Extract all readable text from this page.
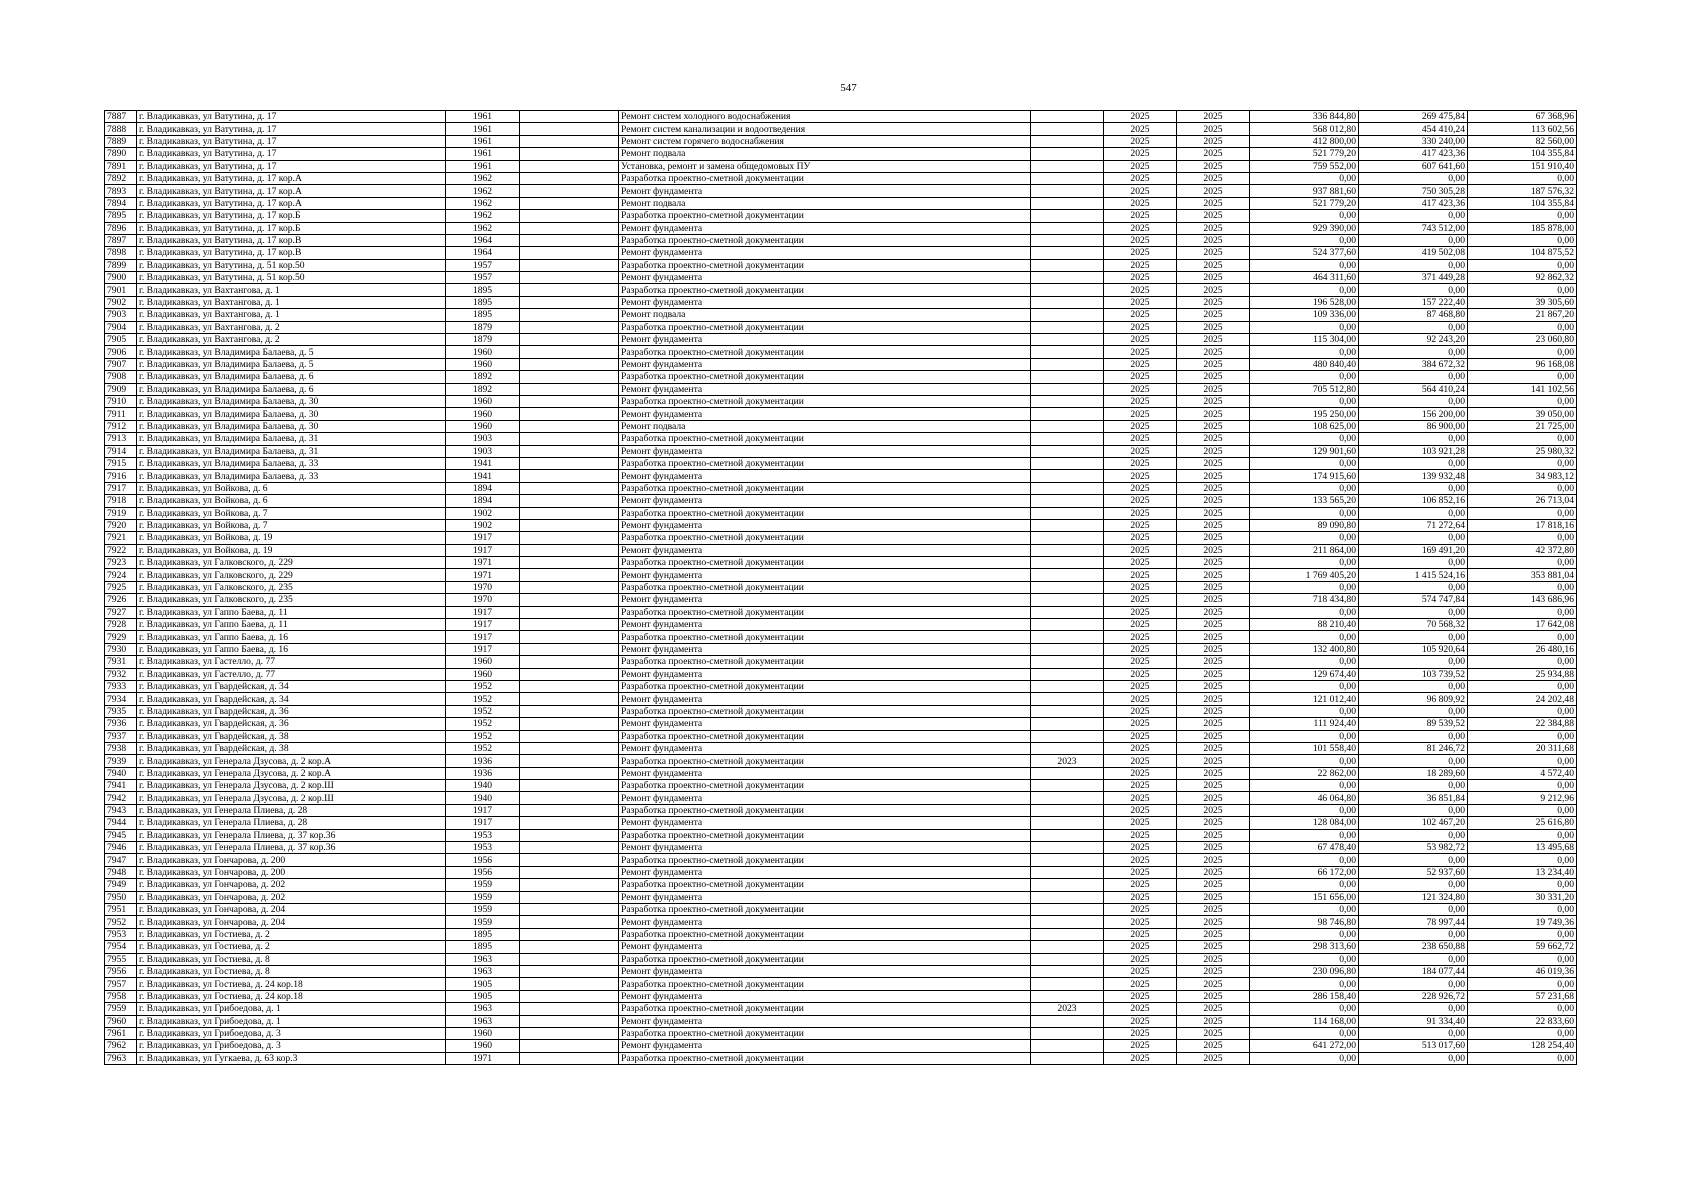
547
7887	г. Владикавказ, ул Ватутина, д. 17	1961		Ремонт систем холодного водоснабжения		2025	2025	336 844,80	269 475,84	67 368,96
7888	г. Владикавказ, ул Ватутина, д. 17	1961		Ремонт систем канализации и водоотведения		2025	2025	568 012,80	454 410,24	113 602,56
7889	г. Владикавказ, ул Ватутина, д. 17	1961		Ремонт систем горячего водоснабжения		2025	2025	412 800,00	330 240,00	82 560,00
7890	г. Владикавказ, ул Ватутина, д. 17	1961		Ремонт подвала		2025	2025	521 779,20	417 423,36	104 355,84
7891	г. Владикавказ, ул Ватутина, д. 17	1961		Установка, ремонт и замена общедомовых ПУ		2025	2025	759 552,00	607 641,60	151 910,40
7892	г. Владикавказ, ул Ватутина, д. 17 кор.А	1962		Разработка проектно-сметной документации		2025	2025	0,00	0,00	0,00
7893	г. Владикавказ, ул Ватутина, д. 17 кор.А	1962		Ремонт фундамента		2025	2025	937 881,60	750 305,28	187 576,32
7894	г. Владикавказ, ул Ватутина, д. 17 кор.А	1962		Ремонт подвала		2025	2025	521 779,20	417 423,36	104 355,84
7895	г. Владикавказ, ул Ватутина, д. 17 кор.Б	1962		Разработка проектно-сметной документации		2025	2025	0,00	0,00	0,00
7896	г. Владикавказ, ул Ватутина, д. 17 кор.Б	1962		Ремонт фундамента		2025	2025	929 390,00	743 512,00	185 878,00
7897	г. Владикавказ, ул Ватутина, д. 17 кор.В	1964		Разработка проектно-сметной документации		2025	2025	0,00	0,00	0,00
7898	г. Владикавказ, ул Ватутина, д. 17 кор.В	1964		Ремонт фундамента		2025	2025	524 377,60	419 502,08	104 875,52
7899	г. Владикавказ, ул Ватутина, д. 51 кор.50	1957		Разработка проектно-сметной документации		2025	2025	0,00	0,00	0,00
7900	г. Владикавказ, ул Ватутина, д. 51 кор.50	1957		Ремонт фундамента		2025	2025	464 311,60	371 449,28	92 862,32
7901	г. Владикавказ, ул Вахтангова, д. 1	1895		Разработка проектно-сметной документации		2025	2025	0,00	0,00	0,00
7902	г. Владикавказ, ул Вахтангова, д. 1	1895		Ремонт фундамента		2025	2025	196 528,00	157 222,40	39 305,60
7903	г. Владикавказ, ул Вахтангова, д. 1	1895		Ремонт подвала		2025	2025	109 336,00	87 468,80	21 867,20
7904	г. Владикавказ, ул Вахтангова, д. 2	1879		Разработка проектно-сметной документации		2025	2025	0,00	0,00	0,00
7905	г. Владикавказ, ул Вахтангова, д. 2	1879		Ремонт фундамента		2025	2025	115 304,00	92 243,20	23 060,80
7906	г. Владикавказ, ул Владимира Балаева, д. 5	1960		Разработка проектно-сметной документации		2025	2025	0,00	0,00	0,00
7907	г. Владикавказ, ул Владимира Балаева, д. 5	1960		Ремонт фундамента		2025	2025	480 840,40	384 672,32	96 168,08
7908	г. Владикавказ, ул Владимира Балаева, д. 6	1892		Разработка проектно-сметной документации		2025	2025	0,00	0,00	0,00
7909	г. Владикавказ, ул Владимира Балаева, д. 6	1892		Ремонт фундамента		2025	2025	705 512,80	564 410,24	141 102,56
7910	г. Владикавказ, ул Владимира Балаева, д. 30	1960		Разработка проектно-сметной документации		2025	2025	0,00	0,00	0,00
7911	г. Владикавказ, ул Владимира Балаева, д. 30	1960		Ремонт фундамента		2025	2025	195 250,00	156 200,00	39 050,00
7912	г. Владикавказ, ул Владимира Балаева, д. 30	1960		Ремонт подвала		2025	2025	108 625,00	86 900,00	21 725,00
7913	г. Владикавказ, ул Владимира Балаева, д. 31	1903		Разработка проектно-сметной документации		2025	2025	0,00	0,00	0,00
7914	г. Владикавказ, ул Владимира Балаева, д. 31	1903		Ремонт фундамента		2025	2025	129 901,60	103 921,28	25 980,32
7915	г. Владикавказ, ул Владимира Балаева, д. 33	1941		Разработка проектно-сметной документации		2025	2025	0,00	0,00	0,00
7916	г. Владикавказ, ул Владимира Балаева, д. 33	1941		Ремонт фундамента		2025	2025	174 915,60	139 932,48	34 983,12
7917	г. Владикавказ, ул Войкова, д. 6	1894		Разработка проектно-сметной документации		2025	2025	0,00	0,00	0,00
7918	г. Владикавказ, ул Войкова, д. 6	1894		Ремонт фундамента		2025	2025	133 565,20	106 852,16	26 713,04
7919	г. Владикавказ, ул Войкова, д. 7	1902		Разработка проектно-сметной документации		2025	2025	0,00	0,00	0,00
7920	г. Владикавказ, ул Войкова, д. 7	1902		Ремонт фундамента		2025	2025	89 090,80	71 272,64	17 818,16
7921	г. Владикавказ, ул Войкова, д. 19	1917		Разработка проектно-сметной документации		2025	2025	0,00	0,00	0,00
7922	г. Владикавказ, ул Войкова, д. 19	1917		Ремонт фундамента		2025	2025	211 864,00	169 491,20	42 372,80
7923	г. Владикавказ, ул Галковского, д. 229	1971		Разработка проектно-сметной документации		2025	2025	0,00	0,00	0,00
7924	г. Владикавказ, ул Галковского, д. 229	1971		Ремонт фундамента		2025	2025	1 769 405,20	1 415 524,16	353 881,04
7925	г. Владикавказ, ул Галковского, д. 235	1970		Разработка проектно-сметной документации		2025	2025	0,00	0,00	0,00
7926	г. Владикавказ, ул Галковского, д. 235	1970		Ремонт фундамента		2025	2025	718 434,80	574 747,84	143 686,96
7927	г. Владикавказ, ул Гаппо Баева, д. 11	1917		Разработка проектно-сметной документации		2025	2025	0,00	0,00	0,00
7928	г. Владикавказ, ул Гаппо Баева, д. 11	1917		Ремонт фундамента		2025	2025	88 210,40	70 568,32	17 642,08
7929	г. Владикавказ, ул Гаппо Баева, д. 16	1917		Разработка проектно-сметной документации		2025	2025	0,00	0,00	0,00
7930	г. Владикавказ, ул Гаппо Баева, д. 16	1917		Ремонт фундамента		2025	2025	132 400,80	105 920,64	26 480,16
7931	г. Владикавказ, ул Гастелло, д. 77	1960		Разработка проектно-сметной документации		2025	2025	0,00	0,00	0,00
7932	г. Владикавказ, ул Гастелло, д. 77	1960		Ремонт фундамента		2025	2025	129 674,40	103 739,52	25 934,88
7933	г. Владикавказ, ул Гвардейская, д. 34	1952		Разработка проектно-сметной документации		2025	2025	0,00	0,00	0,00
7934	г. Владикавказ, ул Гвардейская, д. 34	1952		Ремонт фундамента		2025	2025	121 012,40	96 809,92	24 202,48
7935	г. Владикавказ, ул Гвардейская, д. 36	1952		Разработка проектно-сметной документации		2025	2025	0,00	0,00	0,00
7936	г. Владикавказ, ул Гвардейская, д. 36	1952		Ремонт фундамента		2025	2025	111 924,40	89 539,52	22 384,88
7937	г. Владикавказ, ул Гвардейская, д. 38	1952		Разработка проектно-сметной документации		2025	2025	0,00	0,00	0,00
7938	г. Владикавказ, ул Гвардейская, д. 38	1952		Ремонт фундамента		2025	2025	101 558,40	81 246,72	20 311,68
7939	г. Владикавказ, ул Генерала Дзусова, д. 2 кор.А	1936		Разработка проектно-сметной документации	2023	2025	2025	0,00	0,00	0,00
7940	г. Владикавказ, ул Генерала Дзусова, д. 2 кор.А	1936		Ремонт фундамента		2025	2025	22 862,00	18 289,60	4 572,40
7941	г. Владикавказ, ул Генерала Дзусова, д. 2 кор.Ш	1940		Разработка проектно-сметной документации		2025	2025	0,00	0,00	0,00
7942	г. Владикавказ, ул Генерала Дзусова, д. 2 кор.Ш	1940		Ремонт фундамента		2025	2025	46 064,80	36 851,84	9 212,96
7943	г. Владикавказ, ул Генерала Плиева, д. 28	1917		Разработка проектно-сметной документации		2025	2025	0,00	0,00	0,00
7944	г. Владикавказ, ул Генерала Плиева, д. 28	1917		Ремонт фундамента		2025	2025	128 084,00	102 467,20	25 616,80
7945	г. Владикавказ, ул Генерала Плиева, д. 37 кор.36	1953		Разработка проектно-сметной документации		2025	2025	0,00	0,00	0,00
7946	г. Владикавказ, ул Генерала Плиева, д. 37 кор.36	1953		Ремонт фундамента		2025	2025	67 478,40	53 982,72	13 495,68
7947	г. Владикавказ, ул Гончарова, д. 200	1956		Разработка проектно-сметной документации		2025	2025	0,00	0,00	0,00
7948	г. Владикавказ, ул Гончарова, д. 200	1956		Ремонт фундамента		2025	2025	66 172,00	52 937,60	13 234,40
7949	г. Владикавказ, ул Гончарова, д. 202	1959		Разработка проектно-сметной документации		2025	2025	0,00	0,00	0,00
7950	г. Владикавказ, ул Гончарова, д. 202	1959		Ремонт фундамента		2025	2025	151 656,00	121 324,80	30 331,20
7951	г. Владикавказ, ул Гончарова, д. 204	1959		Разработка проектно-сметной документации		2025	2025	0,00	0,00	0,00
7952	г. Владикавказ, ул Гончарова, д. 204	1959		Ремонт фундамента		2025	2025	98 746,80	78 997,44	19 749,36
7953	г. Владикавказ, ул Гостиева, д. 2	1895		Разработка проектно-сметной документации		2025	2025	0,00	0,00	0,00
7954	г. Владикавказ, ул Гостиева, д. 2	1895		Ремонт фундамента		2025	2025	298 313,60	238 650,88	59 662,72
7955	г. Владикавказ, ул Гостиева, д. 8	1963		Разработка проектно-сметной документации		2025	2025	0,00	0,00	0,00
7956	г. Владикавказ, ул Гостиева, д. 8	1963		Ремонт фундамента		2025	2025	230 096,80	184 077,44	46 019,36
7957	г. Владикавказ, ул Гостиева, д. 24 кор.18	1905		Разработка проектно-сметной документации		2025	2025	0,00	0,00	0,00
7958	г. Владикавказ, ул Гостиева, д. 24 кор.18	1905		Ремонт фундамента		2025	2025	286 158,40	228 926,72	57 231,68
7959	г. Владикавказ, ул Грибоедова, д. 1	1963		Разработка проектно-сметной документации	2023	2025	2025	0,00	0,00	0,00
7960	г. Владикавказ, ул Грибоедова, д. 1	1963		Ремонт фундамента		2025	2025	114 168,00	91 334,40	22 833,60
7961	г. Владикавказ, ул Грибоедова, д. 3	1960		Разработка проектно-сметной документации		2025	2025	0,00	0,00	0,00
7962	г. Владикавказ, ул Грибоедова, д. 3	1960		Ремонт фундамента		2025	2025	641 272,00	513 017,60	128 254,40
7963	г. Владикавказ, ул Гугкаева, д. 63 кор.3	1971		Разработка проектно-сметной документации		2025	2025	0,00	0,00	0,00
